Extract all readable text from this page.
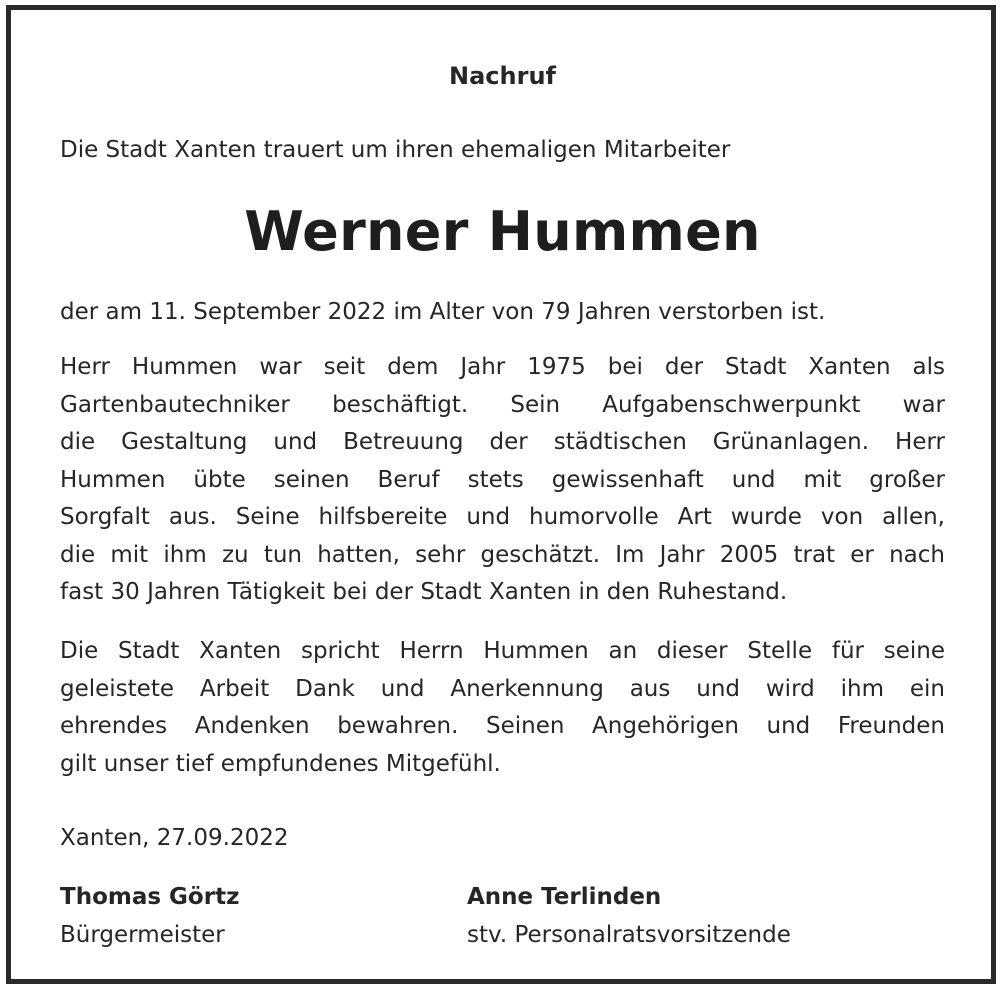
Nachruf
Die Stadt Xanten trauert um ihren ehemaligen Mitarbeiter
Werner Hummen
der am 11. September 2022 im Alter von 79 Jahren verstorben ist.
Herr Hummen war seit dem Jahr 1975 bei der Stadt Xanten als
Gartenbautechniker beschäftigt. Sein Aufgabenschwerpunkt war
die Gestaltung und Betreuung der städtischen Grünanlagen. Herr
Hummen übte seinen Beruf stets gewissenhaft und mit großer
Sorgfalt aus. Seine hilfsbereite und humorvolle Art wurde von allen,
die mit ihm zu tun hatten, sehr geschätzt. Im Jahr 2005 trat er nach
fast 30 Jahren Tätigkeit bei der Stadt Xanten in den Ruhestand.
Die Stadt Xanten spricht Herrn Hummen an dieser Stelle für seine
geleistete Arbeit Dank und Anerkennung aus und wird ihm ein
ehrendes Andenken bewahren. Seinen Angehörigen und Freunden
gilt unser tief empfundenes Mitgefühl.
Xanten, 27.09.2022
Thomas Görtz
Bürgermeister
Anne Terlinden
stv. Personalratsvorsitzende
